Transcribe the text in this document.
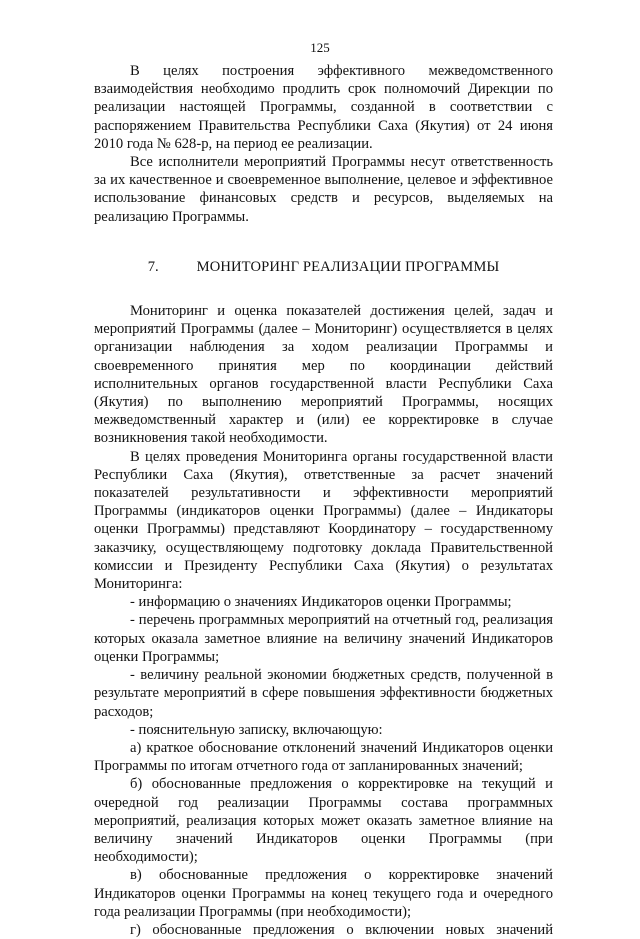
125

В целях построения эффективного межведомственного взаимодействия необходимо продлить срок полномочий Дирекции по реализации настоящей Программы, созданной в соответствии с распоряжением Правительства Республики Саха (Якутия) от 24 июня 2010 года № 628-р, на период ее реализации.

Все исполнители мероприятий Программы несут ответственность за их качественное и своевременное выполнение, целевое и эффективное использование финансовых средств и ресурсов, выделяемых на реализацию Программы.

7.	МОНИТОРИНГ РЕАЛИЗАЦИИ ПРОГРАММЫ

Мониторинг и оценка показателей достижения целей, задач и мероприятий Программы (далее – Мониторинг) осуществляется в целях организации наблюдения за ходом реализации Программы и своевременного принятия мер по координации действий исполнительных органов государственной власти Республики Саха (Якутия) по выполнению мероприятий Программы, носящих межведомственный характер и (или) ее корректировке в случае возникновения такой необходимости.

В целях проведения Мониторинга органы государственной власти Республики Саха (Якутия), ответственные за расчет значений показателей результативности и эффективности мероприятий Программы (индикаторов оценки Программы) (далее – Индикаторы оценки Программы) представляют Координатору – государственному заказчику, осуществляющему подготовку доклада Правительственной комиссии и Президенту Республики Саха (Якутия) о результатах Мониторинга:

- информацию о значениях Индикаторов оценки Программы;

- перечень программных мероприятий на отчетный год, реализация которых оказала заметное влияние на величину значений Индикаторов оценки Программы;

- величину реальной экономии бюджетных средств, полученной в результате мероприятий в сфере повышения эффективности бюджетных расходов;

- пояснительную записку, включающую:

а) краткое обоснование отклонений значений Индикаторов оценки Программы по итогам отчетного года от запланированных значений;

б) обоснованные предложения о корректировке на текущий и очередной год реализации Программы состава программных мероприятий, реализация которых может оказать заметное влияние на величину значений Индикаторов оценки Программы (при необходимости);

в) обоснованные предложения о корректировке значений Индикаторов оценки Программы на конец текущего года и очередного года реализации Программы (при необходимости);

г) обоснованные предложения о включении новых значений
